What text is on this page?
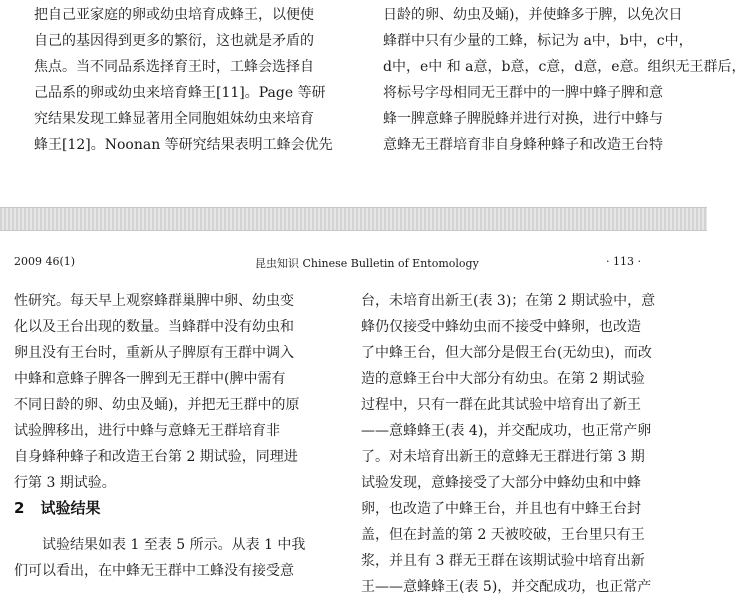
把自己亚家庭的卵或幼虫培育成蜂王，以便使
自己的基因得到更多的繁衍，这也就是矛盾的
焦点。当不同品系选择育王时，工蜂会选择自
己品系的卵或幼虫来培育蜂王[11]。Page 等研
究结果发现工蜂显著用全同胞姐妹幼虫来培育
蜂王[12]。Noonan 等研究结果表明工蜂会优先
日龄的卵、幼虫及蛹)，并使蜂多于脾，以免次日
蜂群中只有少量的工蜂，标记为 a中，b中，c中，
d中，e中 和 a意，b意，c意，d意，e意。组织无王群后，
将标号字母相同无王群中的一脾中蜂子脾和意
蜂一脾意蜂子脾脱蜂并进行对换，进行中蜂与
意蜂无王群培育非自身蜂种蜂子和改造王台特
2009 46(1)	昆虫知识 Chinese Bulletin of Entomology	· 113 ·
性研究。每天早上观察蜂群巢脾中卵、幼虫变
化以及王台出现的数量。当蜂群中没有幼虫和
卵且没有王台时，重新从子脾原有王群中调入
中蜂和意蜂子脾各一脾到无王群中(脾中需有
不同日龄的卵、幼虫及蛹)，并把无王群中的原
试验脾移出，进行中蜂与意蜂无王群培育非
自身蜂种蜂子和改造王台第 2 期试验，同理进
行第 3 期试验。
2 试验结果
试验结果如表 1 至表 5 所示。从表 1 中我
们可以看出，在中蜂无王群中工蜂没有接受意
台，未培育出新王(表 3)；在第 2 期试验中，意
蜂仍仅接受中蜂幼虫而不接受中蜂卵，也改造
了中蜂王台，但大部分是假王台(无幼虫)，而改
造的意蜂王台中大部分有幼虫。在第 2 期试验
过程中，只有一群在此其试验中培育出了新王
——意蜂蜂王(表 4)，并交配成功，也正常产卵
了。对未培育出新王的意蜂无王群进行第 3 期
试验发现，意蜂接受了大部分中蜂幼虫和中蜂
卵，也改造了中蜂王台，并且也有中蜂王台封
盖，但在封盖的第 2 天被咬破，王台里只有王
浆，并且有 3 群无王群在该期试验中培育出新
王——意蜂蜂王(表 5)，并交配成功，也正常产
